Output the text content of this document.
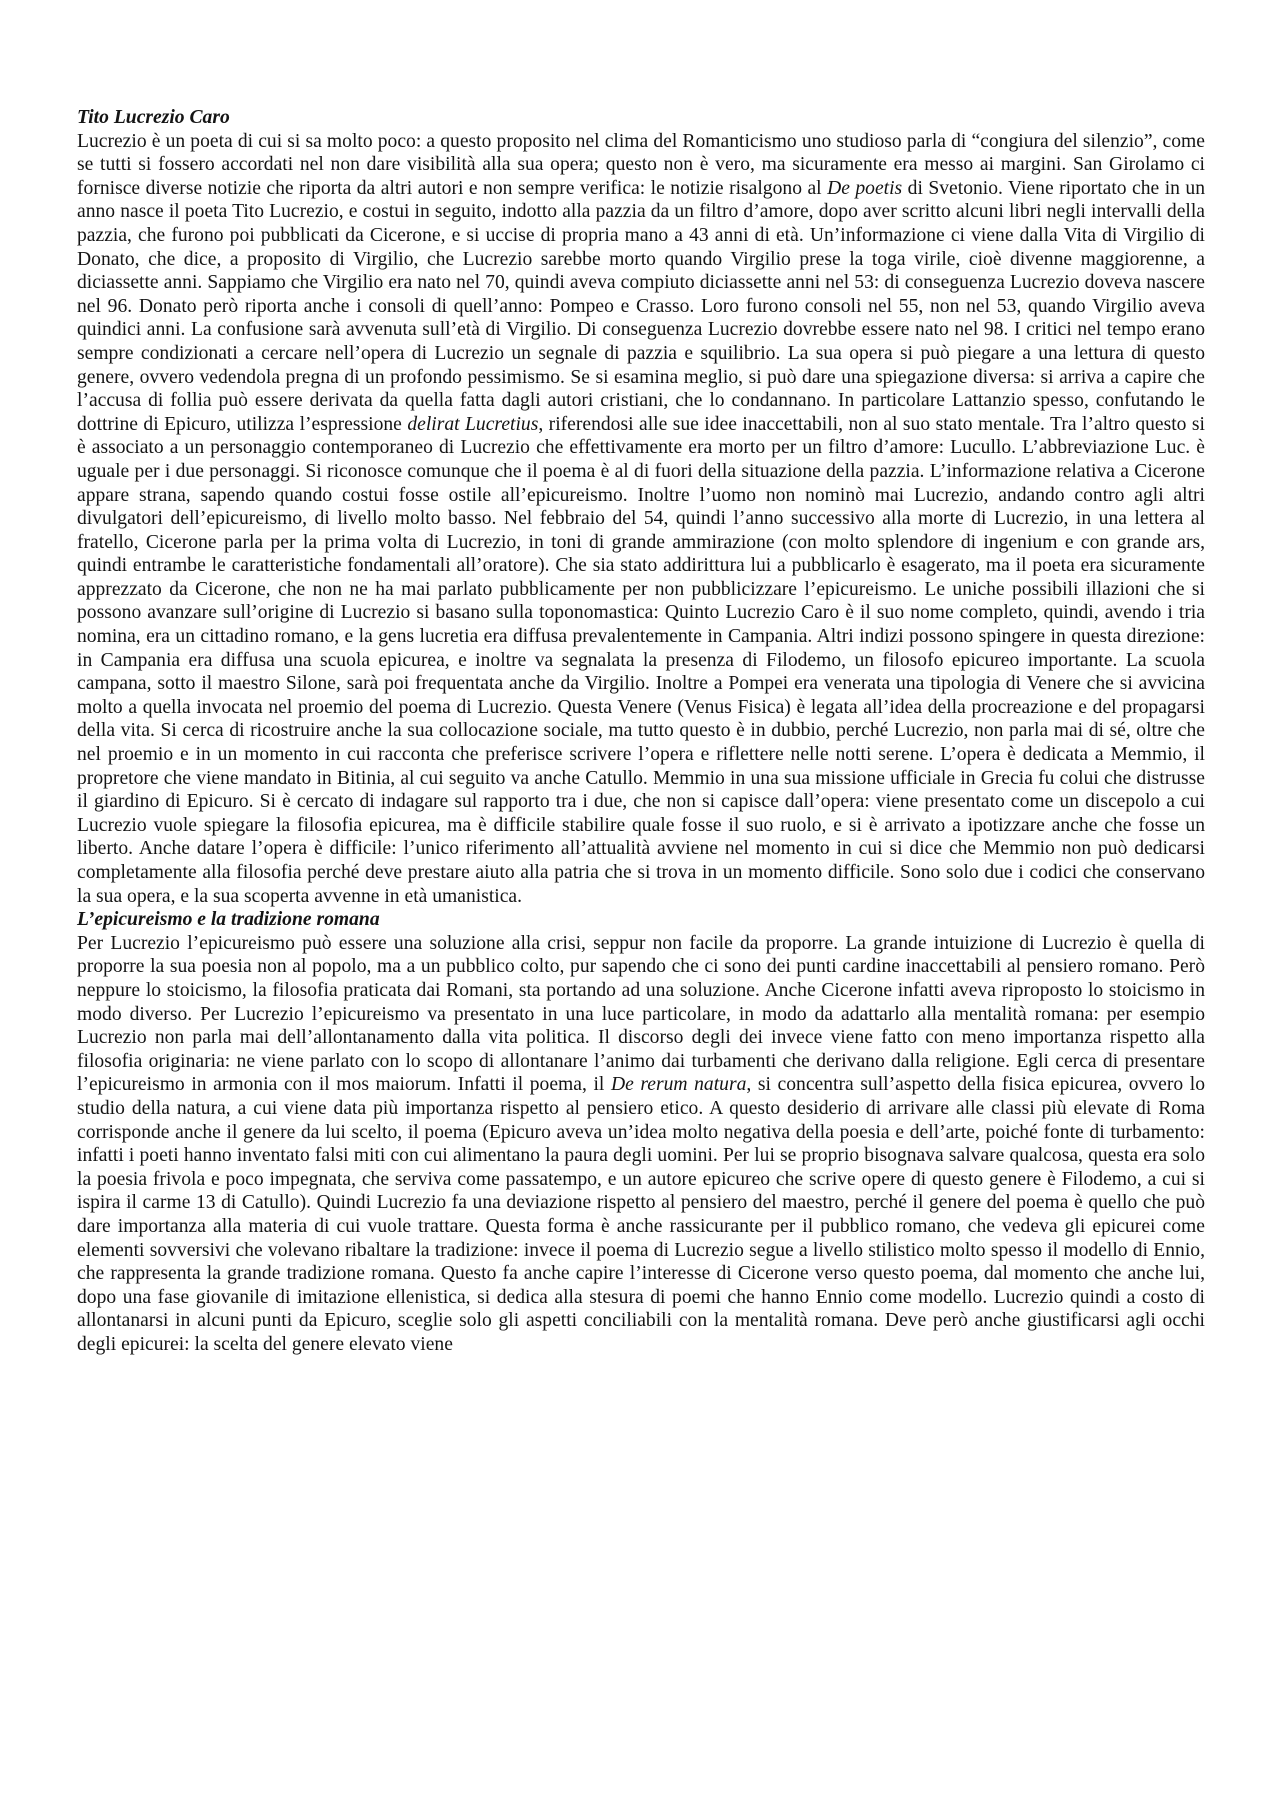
Tito Lucrezio Caro

Lucrezio è un poeta di cui si sa molto poco: a questo proposito nel clima del Romanticismo uno studioso parla di “congiura del silenzio”, come se tutti si fossero accordati nel non dare visibilità alla sua opera; questo non è vero, ma sicuramente era messo ai margini. San Girolamo ci fornisce diverse notizie che riporta da altri autori e non sempre verifica: le notizie risalgono al De poetis di Svetonio. Viene riportato che in un anno nasce il poeta Tito Lucrezio, e costui in seguito, indotto alla pazzia da un filtro d’amore, dopo aver scritto alcuni libri negli intervalli della pazzia, che furono poi pubblicati da Cicerone, e si uccise di propria mano a 43 anni di età. Un’informazione ci viene dalla Vita di Virgilio di Donato, che dice, a proposito di Virgilio, che Lucrezio sarebbe morto quando Virgilio prese la toga virile, cioè divenne maggiorenne, a diciassette anni. Sappiamo che Virgilio era nato nel 70, quindi aveva compiuto diciassette anni nel 53: di conseguenza Lucrezio doveva nascere nel 96. Donato però riporta anche i consoli di quell’anno: Pompeo e Crasso. Loro furono consoli nel 55, non nel 53, quando Virgilio aveva quindici anni. La confusione sarà avvenuta sull’età di Virgilio. Di conseguenza Lucrezio dovrebbe essere nato nel 98. I critici nel tempo erano sempre condizionati a cercare nell’opera di Lucrezio un segnale di pazzia e squilibrio. La sua opera si può piegare a una lettura di questo genere, ovvero vedendola pregna di un profondo pessimismo. Se si esamina meglio, si può dare una spiegazione diversa: si arriva a capire che l’accusa di follia può essere derivata da quella fatta dagli autori cristiani, che lo condannano. In particolare Lattanzio spesso, confutando le dottrine di Epicuro, utilizza l’espressione delirat Lucretius, riferendosi alle sue idee inaccettabili, non al suo stato mentale. Tra l’altro questo si è associato a un personaggio contemporaneo di Lucrezio che effettivamente era morto per un filtro d’amore: Lucullo. L’abbreviazione Luc. è uguale per i due personaggi. Si riconosce comunque che il poema è al di fuori della situazione della pazzia. L’informazione relativa a Cicerone appare strana, sapendo quando costui fosse ostile all’epicureismo. Inoltre l’uomo non nominò mai Lucrezio, andando contro agli altri divulgatori dell’epicureismo, di livello molto basso. Nel febbraio del 54, quindi l’anno successivo alla morte di Lucrezio, in una lettera al fratello, Cicerone parla per la prima volta di Lucrezio, in toni di grande ammirazione (con molto splendore di ingenium e con grande ars, quindi entrambe le caratteristiche fondamentali all’oratore). Che sia stato addirittura lui a pubblicarlo è esagerato, ma il poeta era sicuramente apprezzato da Cicerone, che non ne ha mai parlato pubblicamente per non pubblicizzare l’epicureismo. Le uniche possibili illazioni che si possono avanzare sull’origine di Lucrezio si basano sulla toponomastica: Quinto Lucrezio Caro è il suo nome completo, quindi, avendo i tria nomina, era un cittadino romano, e la gens lucretia era diffusa prevalentemente in Campania. Altri indizi possono spingere in questa direzione: in Campania era diffusa una scuola epicurea, e inoltre va segnalata la presenza di Filodemo, un filosofo epicureo importante. La scuola campana, sotto il maestro Silone, sarà poi frequentata anche da Virgilio. Inoltre a Pompei era venerata una tipologia di Venere che si avvicina molto a quella invocata nel proemio del poema di Lucrezio. Questa Venere (Venus Fisica) è legata all’idea della procreazione e del propagarsi della vita. Si cerca di ricostruire anche la sua collocazione sociale, ma tutto questo è in dubbio, perché Lucrezio, non parla mai di sé, oltre che nel proemio e in un momento in cui racconta che preferisce scrivere l’opera e riflettere nelle notti serene. L’opera è dedicata a Memmio, il propretore che viene mandato in Bitinia, al cui seguito va anche Catullo. Memmio in una sua missione ufficiale in Grecia fu colui che distrusse il giardino di Epicuro. Si è cercato di indagare sul rapporto tra i due, che non si capisce dall’opera: viene presentato come un discepolo a cui Lucrezio vuole spiegare la filosofia epicurea, ma è difficile stabilire quale fosse il suo ruolo, e si è arrivato a ipotizzare anche che fosse un liberto. Anche datare l’opera è difficile: l’unico riferimento all’attualità avviene nel momento in cui si dice che Memmio non può dedicarsi completamente alla filosofia perché deve prestare aiuto alla patria che si trova in un momento difficile. Sono solo due i codici che conservano la sua opera, e la sua scoperta avvenne in età umanistica.

L’epicureismo e la tradizione romana

Per Lucrezio l’epicureismo può essere una soluzione alla crisi, seppur non facile da proporre. La grande intuizione di Lucrezio è quella di proporre la sua poesia non al popolo, ma a un pubblico colto, pur sapendo che ci sono dei punti cardine inaccettabili al pensiero romano. Però neppure lo stoicismo, la filosofia praticata dai Romani, sta portando ad una soluzione. Anche Cicerone infatti aveva riproposto lo stoicismo in modo diverso. Per Lucrezio l’epicureismo va presentato in una luce particolare, in modo da adattarlo alla mentalità romana: per esempio Lucrezio non parla mai dell’allontanamento dalla vita politica. Il discorso degli dei invece viene fatto con meno importanza rispetto alla filosofia originaria: ne viene parlato con lo scopo di allontanare l’animo dai turbamenti che derivano dalla religione. Egli cerca di presentare l’epicureismo in armonia con il mos maiorum. Infatti il poema, il De rerum natura, si concentra sull’aspetto della fisica epicurea, ovvero lo studio della natura, a cui viene data più importanza rispetto al pensiero etico. A questo desiderio di arrivare alle classi più elevate di Roma corrisponde anche il genere da lui scelto, il poema (Epicuro aveva un’idea molto negativa della poesia e dell’arte, poiché fonte di turbamento: infatti i poeti hanno inventato falsi miti con cui alimentano la paura degli uomini. Per lui se proprio bisognava salvare qualcosa, questa era solo la poesia frivola e poco impegnata, che serviva come passatempo, e un autore epicureo che scrive opere di questo genere è Filodemo, a cui si ispira il carme 13 di Catullo). Quindi Lucrezio fa una deviazione rispetto al pensiero del maestro, perché il genere del poema è quello che può dare importanza alla materia di cui vuole trattare. Questa forma è anche rassicurante per il pubblico romano, che vedeva gli epicurei come elementi sovversivi che volevano ribaltare la tradizione: invece il poema di Lucrezio segue a livello stilistico molto spesso il modello di Ennio, che rappresenta la grande tradizione romana. Questo fa anche capire l’interesse di Cicerone verso questo poema, dal momento che anche lui, dopo una fase giovanile di imitazione ellenistica, si dedica alla stesura di poemi che hanno Ennio come modello. Lucrezio quindi a costo di allontanarsi in alcuni punti da Epicuro, sceglie solo gli aspetti conciliabili con la mentalità romana. Deve però anche giustificarsi agli occhi degli epicurei: la scelta del genere elevato viene
